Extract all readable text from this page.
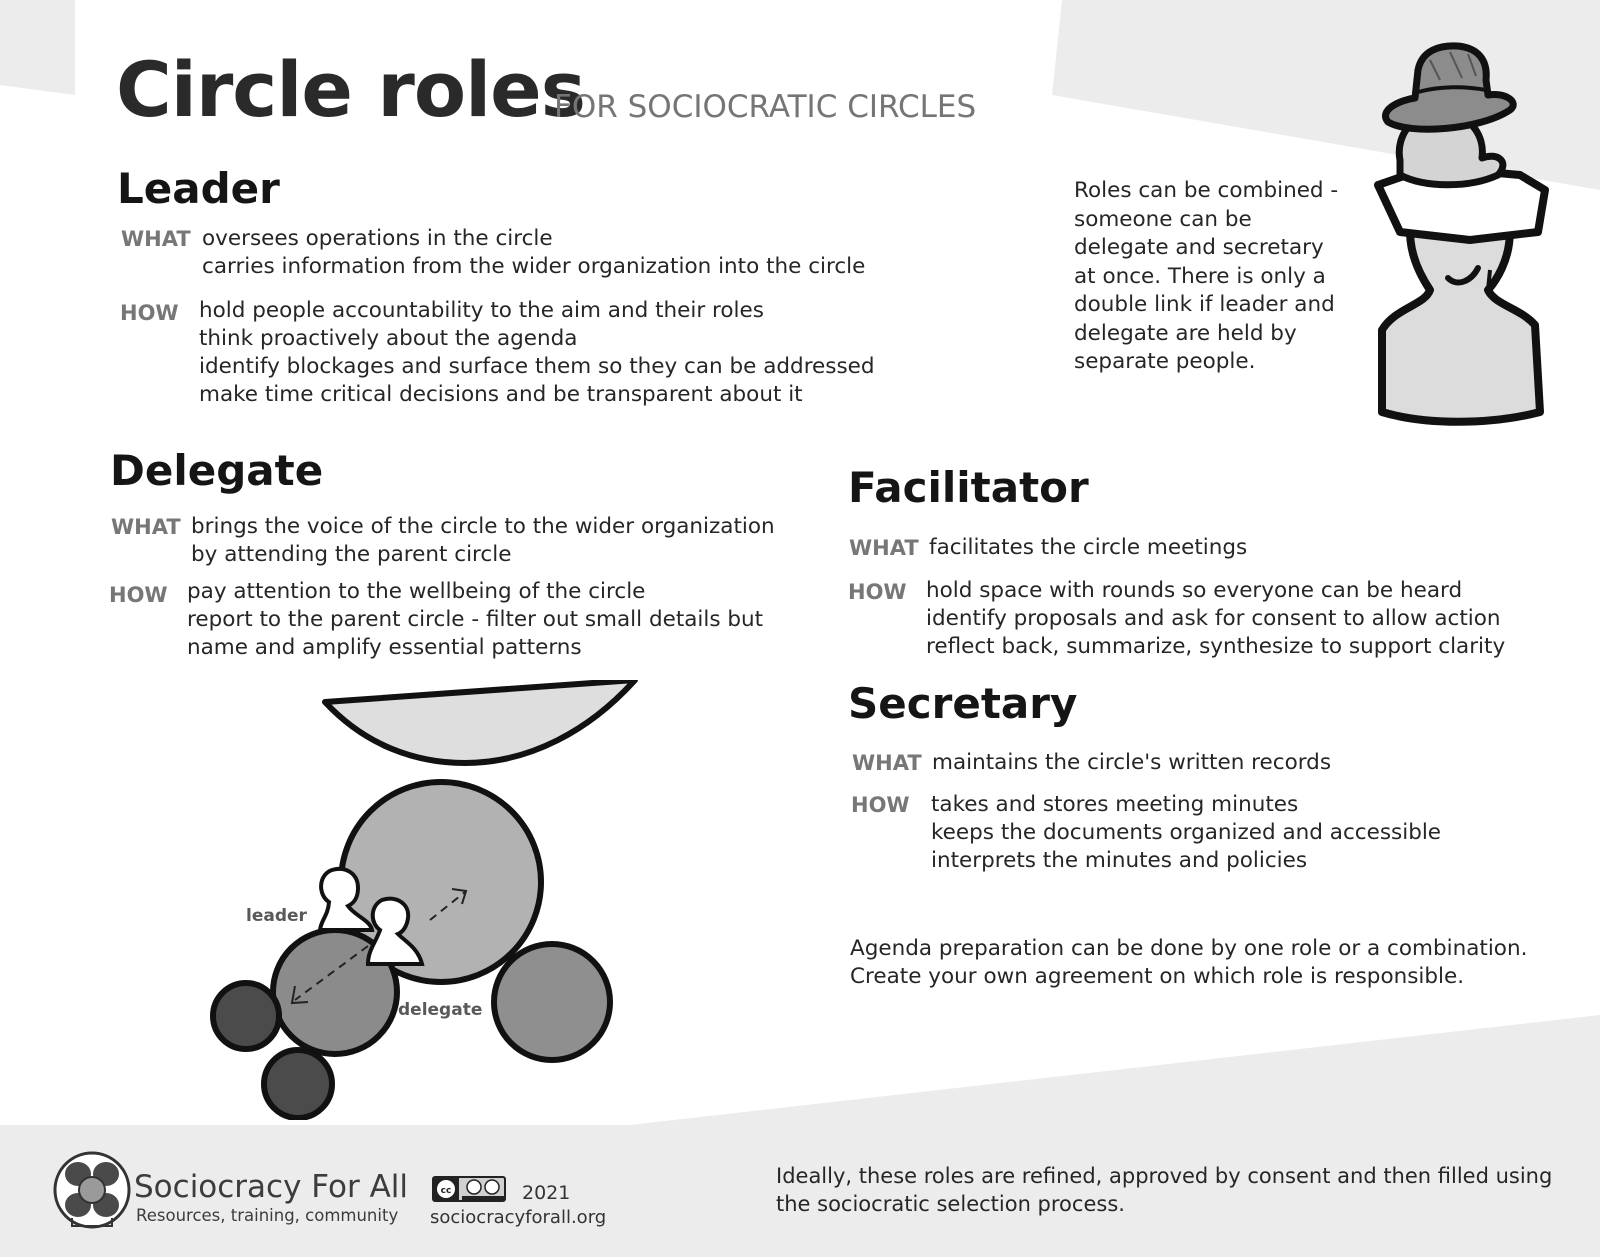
Circle roles
FOR SOCIOCRATIC CIRCLES
Leader
WHAT oversees operations in the circle
carries information from the wider organization into the circle
HOW hold people accountability to the aim and their roles
think proactively about the agenda
identify blockages and surface them so they can be addressed
make time critical decisions and be transparent about it
Roles can be combined - someone can be delegate and secretary at once. There is only a double link if leader and delegate are held by separate people.
Delegate
WHAT brings the voice of the circle to the wider organization
by attending the parent circle
HOW pay attention to the wellbeing of the circle
report to the parent circle - filter out small details but
name and amplify essential patterns
leader
delegate
Facilitator
WHAT facilitates the circle meetings
HOW hold space with rounds so everyone can be heard
identify proposals and ask for consent to allow action
reflect back, summarize, synthesize to support clarity
Secretary
WHAT maintains the circle's written records
HOW takes and stores meeting minutes
keeps the documents organized and accessible
interprets the minutes and policies
Agenda preparation can be done by one role or a combination.
Create your own agreement on which role is responsible.
Sociocracy For All
Resources, training, community
cc	2021
sociocracyforall.org
Ideally, these roles are refined, approved by consent and then filled using
the sociocratic selection process.
